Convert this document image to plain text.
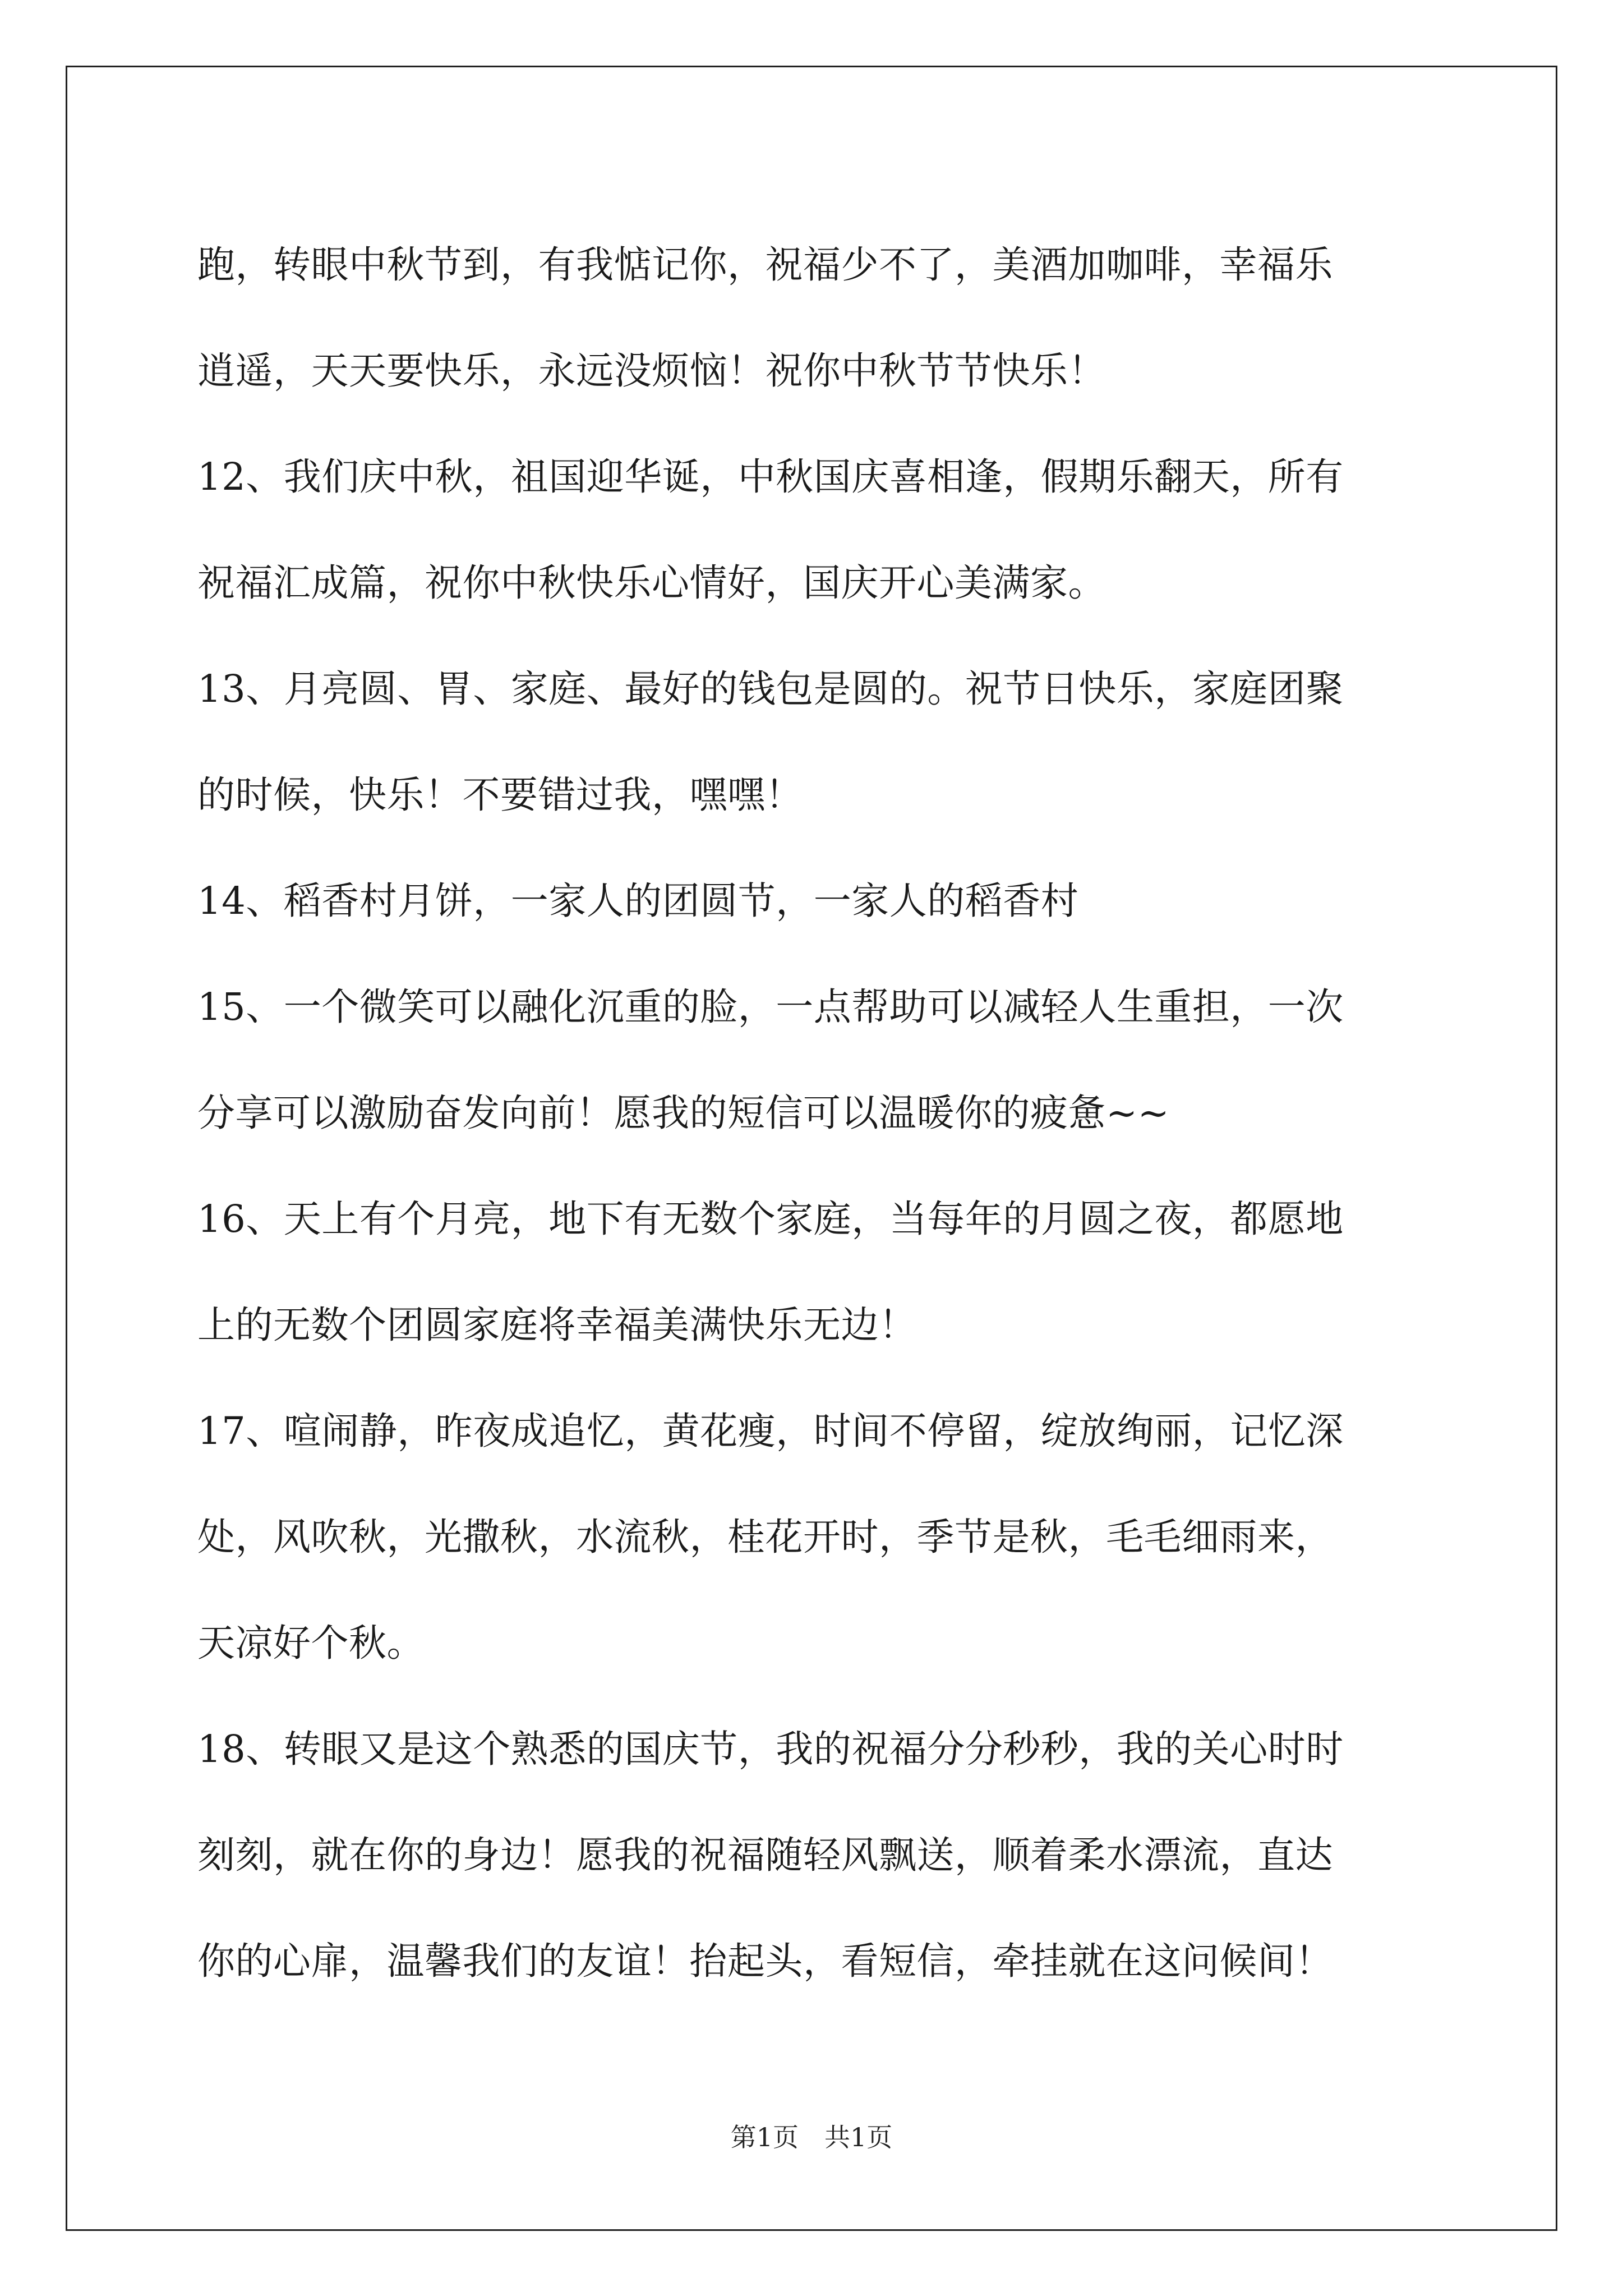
跑，转眼中秋节到，有我惦记你，祝福少不了，美酒加咖啡，幸福乐
逍遥，天天要快乐，永远没烦恼！祝你中秋节节快乐！
12、我们庆中秋，祖国迎华诞，中秋国庆喜相逢，假期乐翻天，所有
祝福汇成篇，祝你中秋快乐心情好，国庆开心美满家。
13、月亮圆、胃、家庭、最好的钱包是圆的。祝节日快乐，家庭团聚
的时候，快乐！不要错过我，嘿嘿！
14、稻香村月饼，一家人的团圆节，一家人的稻香村
15、一个微笑可以融化沉重的脸，一点帮助可以减轻人生重担，一次
分享可以激励奋发向前！愿我的短信可以温暖你的疲惫~~
16、天上有个月亮，地下有无数个家庭，当每年的月圆之夜，都愿地
上的无数个团圆家庭将幸福美满快乐无边！
17、喧闹静，昨夜成追忆，黄花瘦，时间不停留，绽放绚丽，记忆深
处，风吹秋，光撒秋，水流秋，桂花开时，季节是秋，毛毛细雨来，
天凉好个秋。
18、转眼又是这个熟悉的国庆节，我的祝福分分秒秒，我的关心时时
刻刻，就在你的身边！愿我的祝福随轻风飘送，顺着柔水漂流，直达
你的心扉，温馨我们的友谊！抬起头，看短信，牵挂就在这问候间！
第1页　共1页
